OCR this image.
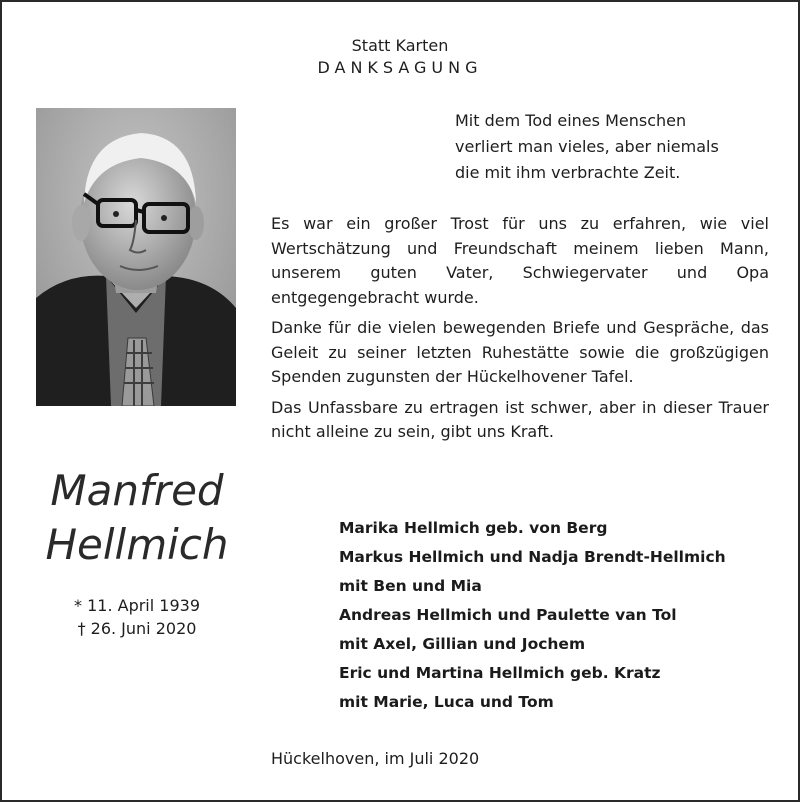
Statt Karten
DANKSAGUNG
Manfred
Hellmich
* 11. April 1939
† 26. Juni 2020
Mit dem Tod eines Menschen
verliert man vieles, aber niemals
die mit ihm verbrachte Zeit.

Es war ein großer Trost für uns zu erfahren, wie viel Wertschätzung und Freundschaft meinem lieben Mann, unserem guten Vater, Schwiegervater und Opa entgegengebracht wurde.

Danke für die vielen bewegenden Briefe und Gespräche, das Geleit zu seiner letzten Ruhestätte sowie die großzügigen Spenden zugunsten der Hückelhovener Tafel.

Das Unfassbare zu ertragen ist schwer, aber in dieser Trauer nicht alleine zu sein, gibt uns Kraft.

Marika Hellmich geb. von Berg
Markus Hellmich und Nadja Brendt-Hellmich
mit Ben und Mia
Andreas Hellmich und Paulette van Tol
mit Axel, Gillian und Jochem
Eric und Martina Hellmich geb. Kratz
mit Marie, Luca und Tom
Hückelhoven, im Juli 2020
